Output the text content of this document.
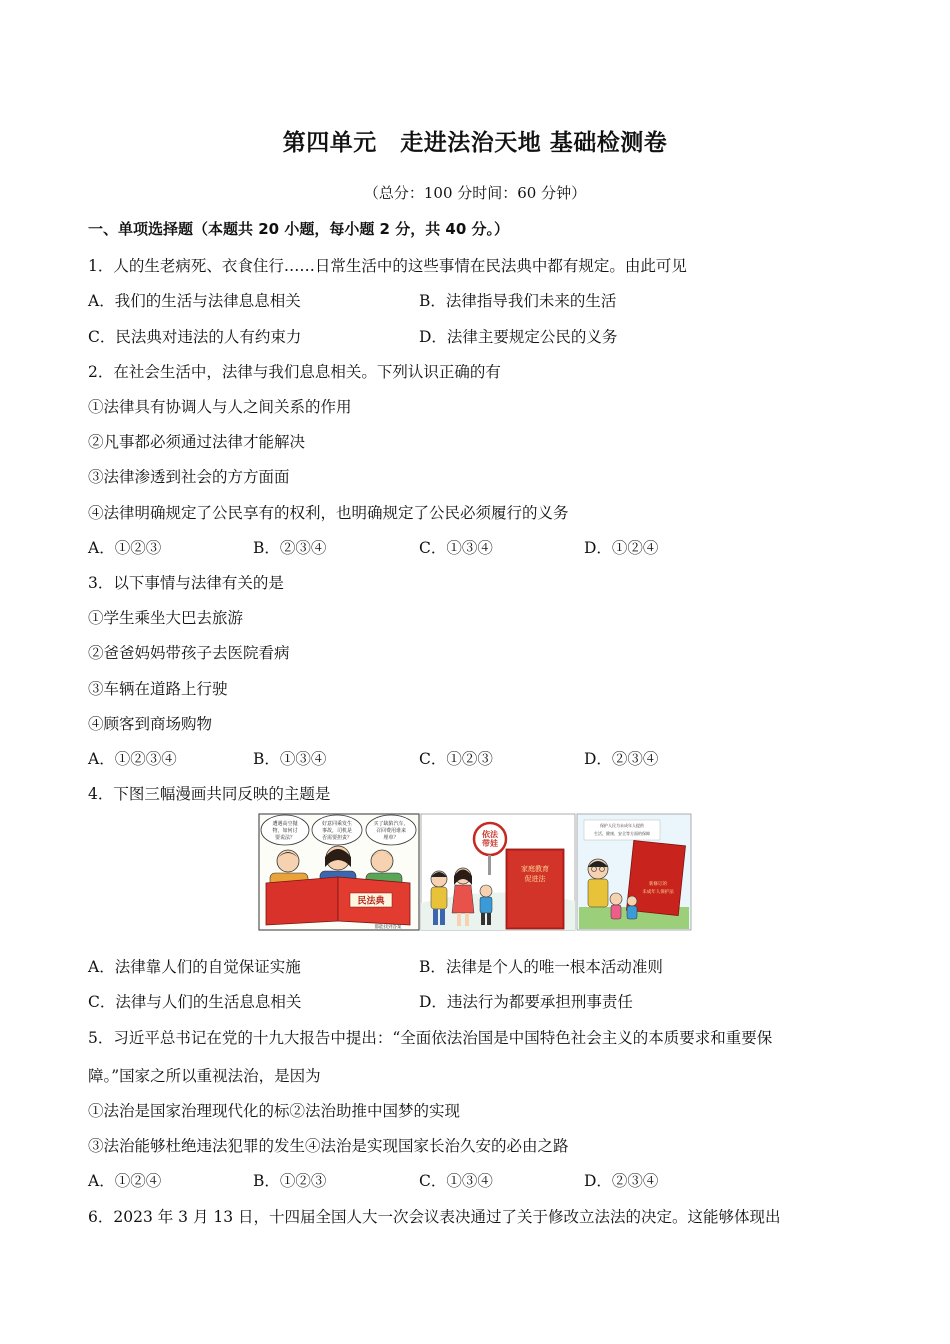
第四单元　走进法治天地 基础检测卷
（总分：100 分时间：60 分钟）
一、单项选择题（本题共 20 小题，每小题 2 分，共 40 分。）
1．人的生老病死、衣食住行……日常生活中的这些事情在民法典中都有规定。由此可见
A．我们的生活与法律息息相关	B．法律指导我们未来的生活
C．民法典对违法的人有约束力	D．法律主要规定公民的义务
2．在社会生活中，法律与我们息息相关。下列认识正确的有
①法律具有协调人与人之间关系的作用
②凡事都必须通过法律才能解决
③法律渗透到社会的方方面面
④法律明确规定了公民享有的权利，也明确规定了公民必须履行的义务
A．①②③	B．②③④	C．①③④	D．①②④
3．以下事情与法律有关的是
①学生乘坐大巴去旅游
②爸爸妈妈带孩子去医院看病
③车辆在道路上行驶
④顾客到商场购物
A．①②③④	B．①③④	C．①②③	D．②③④
4．下图三幅漫画共同反映的主题是
遭遇高空抛
物，如何讨
要说法？
好意同乘发生
事故，司机是
否需要担责？
买了缺陷汽车，
召回费用谁来
埋单？
民法典
都能找到答案
依法
带娃
家庭教育
促进法
保护人民为未成年人提供
生活、健康、安全等方面的保障
新修订的
未成年人保护法
A．法律靠人们的自觉保证实施	B．法律是个人的唯一根本活动准则
C．法律与人们的生活息息相关	D．违法行为都要承担刑事责任
5．习近平总书记在党的十九大报告中提出：“全面依法治国是中国特色社会主义的本质要求和重要保
障。”国家之所以重视法治，是因为
①法治是国家治理现代化的标②法治助推中国梦的实现
③法治能够杜绝违法犯罪的发生④法治是实现国家长治久安的必由之路
A．①②④	B．①②③	C．①③④	D．②③④
6．2023 年 3 月 13 日，十四届全国人大一次会议表决通过了关于修改立法法的决定。这能够体现出
